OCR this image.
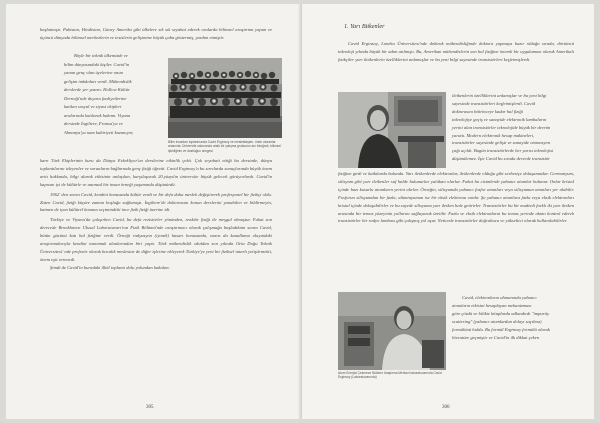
başlatmıştı. Pakistan, Hindistan, Güney Amerika gibi ülkelere sık sık seyahat ederek oralarda bilimsel araştırma yapan ve üçüncü dünyada bilimsel merkezlerin ve tesislerin gelişimine büyük çaba göstermiş, yardım etmiştir.

Böyle bir teknik ülkemizde ve
bilim dünyasındaki kişiler. Cavid'in
yanan genç olan üyelerine onun
gelişim imkânları verdi. Mühendislik
derslerde yer yazarı. Hollow Kültür
Derneği'nde duyaru faaliyetlerine
katılan sosyal ve siyasi ekipleri
aralarında katılarak bakımı. Viyana
dersinde İngiltere, Fransa'ya ve
Almanya'ya nam kabiriyeti kazanıyor,

Bilim insanları toplantısında Cavid Erginsoy ve meslektaşları, önde oturanlar arasında. Üniversite salonunda ortak bir çalışma grubunun anı fotoğrafı, bilimsel işbirliğinin ve dostluğun simgesi.

karn Türk Ekiplerinin kuru da Dünya Erkekliyor'un derslerine etkinlik çekti. Çok seyahati ettiği bu dersinde, dünya toplantılarını izleyenler ve sorunların bağlarında genç fiziği öğretti. Cavid Erginsoy'a bu sırrılarda sonuçlarında büyük önem arttı hakkında, bilgi alarak etkisinin anlaşılan, karşılaşarak 20.yüzyılın üniversite büyük gelecek görüyorlardı. Cavid'in kapısını iyi de kültürle ve anımsal bir insan örneği yaşamında düşünürdü.

1962' den sonra Cavid, kendini konusunda kültür verdi ve bir defa daha meslek değiştirerek profesyonel bir fizikçi oldu. Zaten Cavid, fiziği küçüre zaman boşluğa sağlamıştı. İngiltere'de doktorasını konun derslerini yanabilen ve bildirmeyin, katmen de iyan kültürel konuna seçimindeki ince fizik fiziği üzerine idi.

Türkiye ve Viyana'da çalışırken Cavid, bu defa rezistörler yönünden, reaktör fiziği ile meşgul olmuştur. Fakat son derecede Brookhaven Ulusal Laboratuvarı'nın Fizik Bölümü'nde araştırmacı olarak çalışmağa başladıktan sonra Cavid, bütün gücünü katı hal fiziğine verdi. Örneği radyasyon (iyonik) hasarı konusunda, sonra da kanallama olayındaki araştırmalarıyla kendini tanınmak alanlarından biri yaptı. Türk mühendislik okuldan son yılında Orta Doğu Teknik Üniversitesi' nde profesör olarak hocalık meslesine de diğer işlerine ekleyerek Türkiye'ye yeni bir fiziksel tutarlı yetiştirmekti, önem eşit verenedi.

Şimdi de Cavid'in buradaki ilköl toplantı dolu yolundan bakalım.

305

1. Yarı Bitkenler

Cavid Erginsoy, Londra Üniversitesi'nde doktrak mühendisliğinde doktora yapmaya hazır olduğu sırada, dörtüncü teknoloji yılında büyük bir adım atılmıştı. Bu, Amerikan mühendislerin son hal fiziğine önemli bir uygulaması olarak Amerikalı fizikçiler yarı iletkenlerin özelliklerini anlamışlar ve bu yeni bilgi sayesinde transistörleri keşfetmişlerdi.

iletkenlerin özelliklerini anlamışlar ve bu yeni bilgi
sayesinde transistörleri keşfetmişlerdi. Cavid
doktorasını bitirinceye kadar hal fiziği
teknolojiye geçiş ve sanayide elektronik lambaların
yerini alan transistörler teknolojide büyük bir devrim
yarattı. Modern elektronik hesap makineleri,
transistörler sayesinde gelişti ve sanayide otomasyon
çağı açıldı. Bugün transistörlerde her yarısı teknolojisi
düşünülemez. İşte Cavid bu sırada devrede transistör

fiziğine girdi ve katkılarda bulundu. Yarı iletkenlerde elektronlar, iletkenlerde olduğu gibi serbestçe dolaşamazlar. Germanyum, silisyum gibi yarı iletkenler saf halde bulunurlar yalıtkan olurlar. Fakat bu cisimlerde yabancı atomlar bulunur. Onlar kristal içinde bazı kusurlu atomların yerini alırlar. Örneğin, silisyumda yabancı fosfor atomları veya silisyumun atomları yer alabilir. Fosforun silisyumdan bir fazla, alüminyumun ise bir eksik elektronu vardır. Şu yabancı atomlara fazla veya eksik elektronları kristal içinde dolaşabilirler ve bu sayede silisyuma yarı iletken hale getirirler. Transistörler bu bir madenli farklı iki yarı iletken arasında bir temas yüzeyinin yollarını sağlayarak üretilir. Fazla ve eksik elektronların bu temas yerinde akımı kontrol ederek transistörler bir radyo lambası gibi çalışmış yol açar. Neticede transistörler doğrultucu ve yükseltici olarak kullanılabilirler.

Atom Enerjisi Çekmece Nükleer Araştırma Merkezi laboratuvarında Cavid Erginsoy (Laboratuvarında)

Cavid, elektronların ahmanında yabancı
atomların etkisini hesaplayan mekanizması
göre çözdü ve bilikte kitaplarda adlandırdı "impurity
scattering" (yabancı atomlardan dolayı saçılma)
formülünü buldu. Bu formül Erginsoy formülü olarak
literatüre geçmiştir ve Cavid'in ilk dikkat çeken

306
